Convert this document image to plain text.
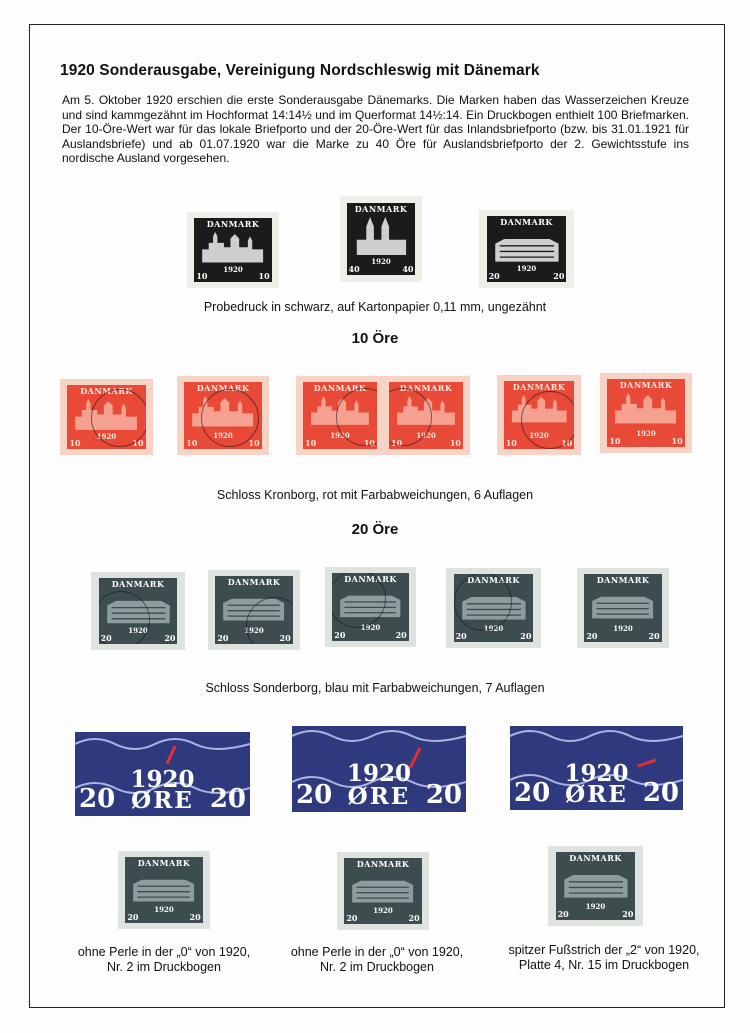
1920 Sonderausgabe, Vereinigung Nordschleswig mit Dänemark
Am 5. Oktober 1920 erschien die erste Sonderausgabe Dänemarks. Die Marken haben das Wasserzeichen Kreuze und sind kammgezähnt im Hochformat 14:14½ und im Querformat 14½:14. Ein Druckbogen enthielt 100 Briefmarken. Der 10-Öre-Wert war für das lokale Briefporto und der 20-Öre-Wert für das Inlandsbriefporto (bzw. bis 31.01.1921 für Auslandsbriefe) und ab 01.07.1920 war die Marke zu 40 Öre für Auslandsbriefporto der 2. Gewichtsstufe ins nordische Ausland vorgesehen.
DANMARK
1920
10	10
DANMARK
1920
40	40
DANMARK
1920
20	20
Probedruck in schwarz, auf Kartonpapier 0,11 mm, ungezähnt
10 Öre
DANMARK
1920
10	10
DANMARK
1920
10	10
DANMARK
1920
10	10
DANMARK
1920
10	10
DANMARK
1920
10	10
DANMARK
1920
10	10
Schloss Kronborg, rot mit Farbabweichungen, 6 Auflagen
20 Öre
DANMARK
1920
20	20
DANMARK
1920
20	20
DANMARK
1920
20	20
DANMARK
1920
20	20
DANMARK
1920
20	20
Schloss Sonderborg, blau mit Farbabweichungen, 7 Auflagen
1920
20 ØRE 20
1920
20 ØRE 20
1920
20 ØRE 20
DANMARK
1920
20	20
DANMARK
1920
20	20
DANMARK
1920
20	20
ohne Perle in der „0“ von 1920,
Nr. 2 im Druckbogen
ohne Perle in der „0“ von 1920,
Nr. 2 im Druckbogen
spitzer Fußstrich der „2“ von 1920,
Platte 4, Nr. 15 im Druckbogen
